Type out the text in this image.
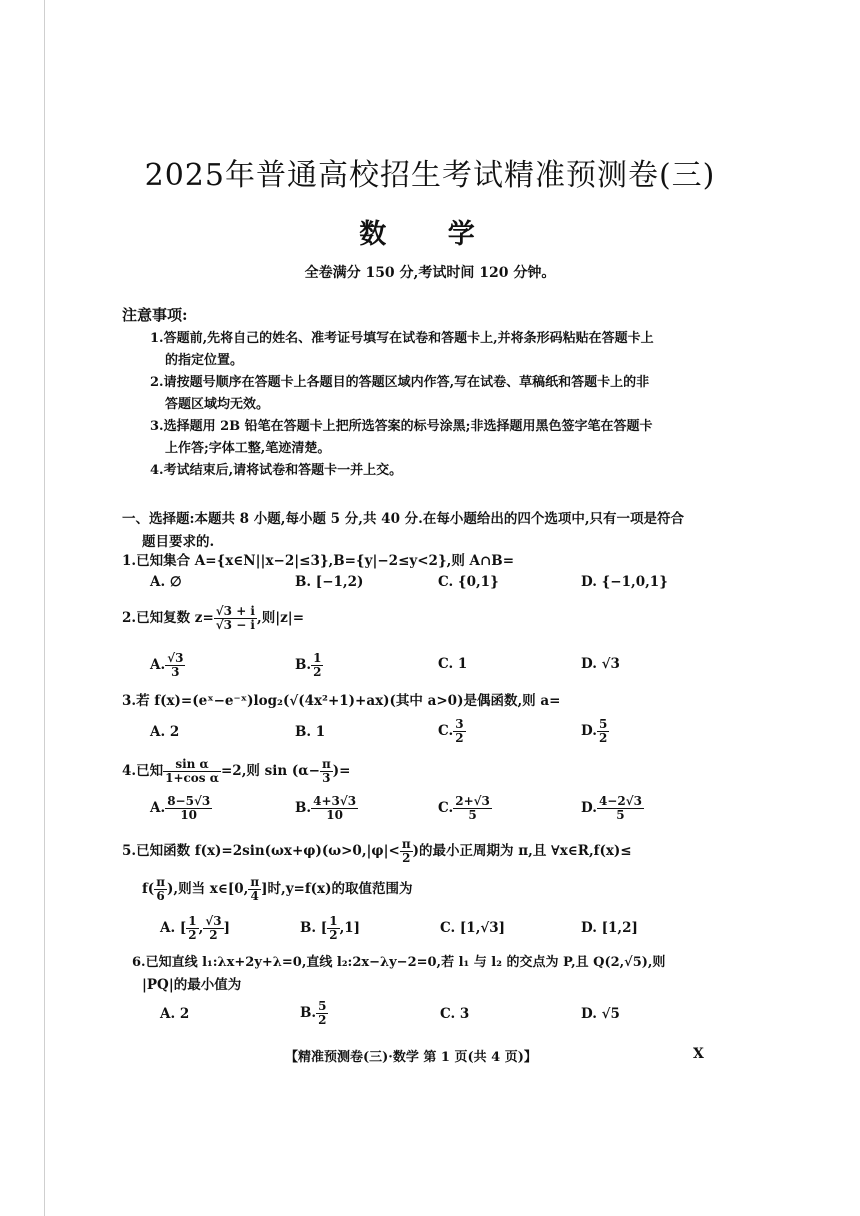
2025年普通高校招生考试精准预测卷(三)
数 学
全卷满分 150 分,考试时间 120 分钟。
注意事项:
1.答题前,先将自己的姓名、准考证号填写在试卷和答题卡上,并将条形码粘贴在答题卡上
的指定位置。
2.请按题号顺序在答题卡上各题目的答题区域内作答,写在试卷、草稿纸和答题卡上的非
答题区域均无效。
3.选择题用 2B 铅笔在答题卡上把所选答案的标号涂黑;非选择题用黑色签字笔在答题卡
上作答;字体工整,笔迹清楚。
4.考试结束后,请将试卷和答题卡一并上交。
一、选择题:本题共 8 小题,每小题 5 分,共 40 分.在每小题给出的四个选项中,只有一项是符合
题目要求的.
1.已知集合 A={x∈N||x−2|≤3},B={y|−2≤y<2},则 A∩B=
A. ∅	B. [−1,2)	C. {0,1}	D. {−1,0,1}
2.已知复数 $z= \frac{√3 + i}{√3 - i}$ ,则|z|=
A. $\frac{√3}{3}$	B. $\frac{1}{2}$	C. 1	D. √3
3.若 f(x)=(eˣ−e⁻ˣ)log₂(√(4x²+1)+ax)(其中 a>0)是偶函数,则 a=
A. 2	B. 1	C. $\frac{3}{2}$	D. $\frac{5}{2}$
4.已知 $\frac{\text{sin α}}{\text{1+cos α}} =2$,则 $\sin (\alpha- \frac{\pi}{3}$ )=
A. $\frac{8-5√3}{10}$	B. $\frac{4+3√3}{10}$	C. $\frac{2+√3}{5}$	D. $\frac{4-2√3}{5}$
5.已知函数 $f(x)=2\sin(\omega x+\varphi)(\omega>0,|\varphi|< \frac{\pi}{2}$ )的最小正周期为 π,且 ∀x∈R,f(x)≤
$f( \frac{\pi}{6}$ ),则当 x∈[0, $\frac{\pi}{4}$ ]时,y=f(x)的取值范围为
A. [ $\frac{1}{2}$ , $\frac{√3}{2}$ ]	B. [ $\frac{1}{2} ,1$]	C. [1,√3]	D. [1,2]
6.已知直线 l₁:λx+2y+λ=0,直线 l₂:2x−λy−2=0,若 l₁ 与 l₂ 的交点为 P,且 Q(2,√5),则
|PQ|的最小值为
A. 2	B. $\frac{5}{2}$	C. 3	D. √5
【精准预测卷(三)·数学 第 1 页(共 4 页)】	X
